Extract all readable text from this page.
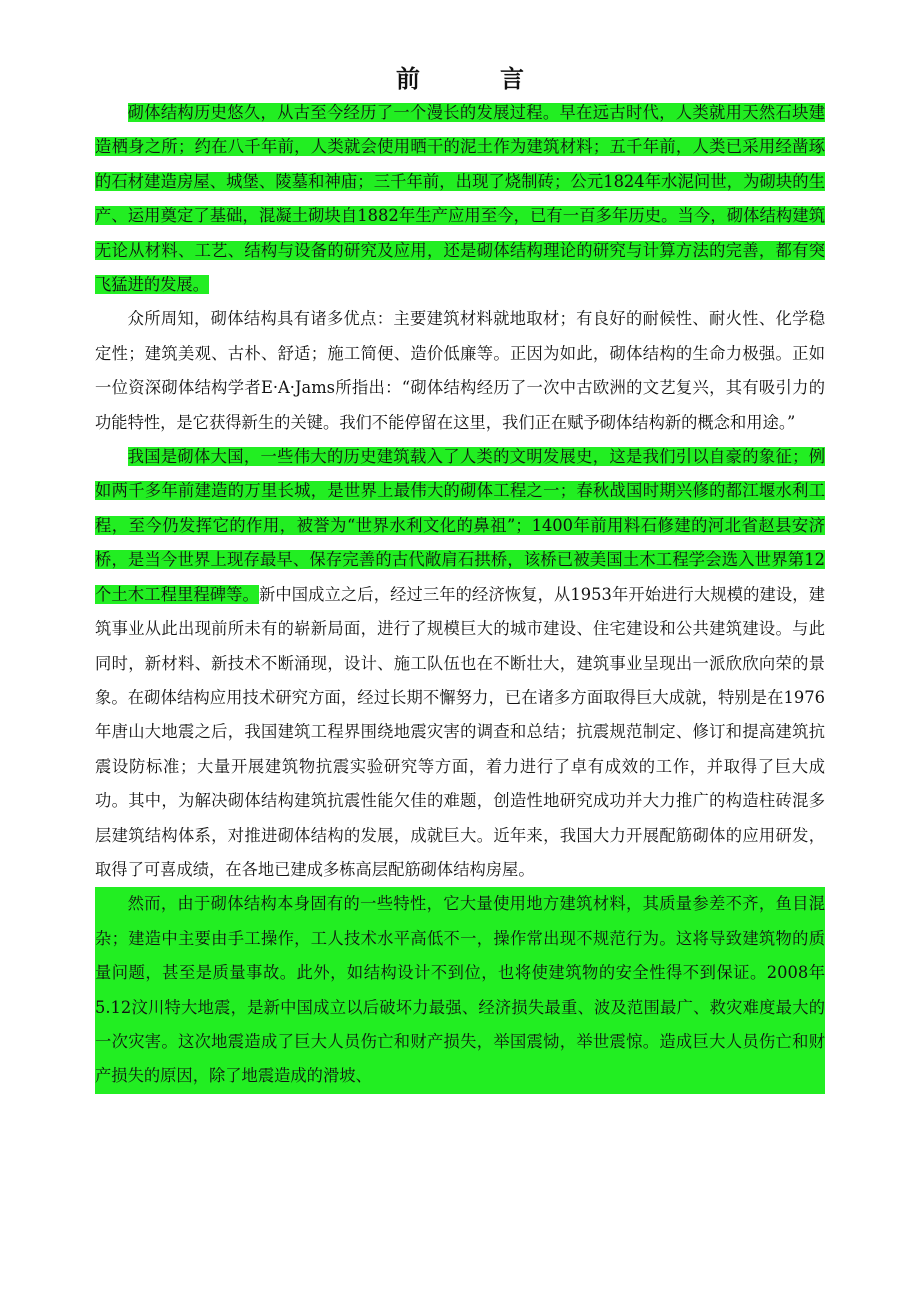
前　言

砌体结构历史悠久，从古至今经历了一个漫长的发展过程。早在远古时代，人类就用天然石块建造栖身之所；约在八千年前，人类就会使用晒干的泥土作为建筑材料；五千年前，人类已采用经凿琢的石材建造房屋、城堡、陵墓和神庙；三千年前，出现了烧制砖；公元1824年水泥问世，为砌块的生产、运用奠定了基础，混凝土砌块自1882年生产应用至今，已有一百多年历史。当今，砌体结构建筑无论从材料、工艺、结构与设备的研究及应用，还是砌体结构理论的研究与计算方法的完善，都有突飞猛进的发展。

众所周知，砌体结构具有诸多优点：主要建筑材料就地取材；有良好的耐候性、耐火性、化学稳定性；建筑美观、古朴、舒适；施工简便、造价低廉等。正因为如此，砌体结构的生命力极强。正如一位资深砌体结构学者E·A·Jams所指出：“砌体结构经历了一次中古欧洲的文艺复兴，其有吸引力的功能特性，是它获得新生的关键。我们不能停留在这里，我们正在赋予砌体结构新的概念和用途。”

我国是砌体大国，一些伟大的历史建筑载入了人类的文明发展史，这是我们引以自豪的象征；例如两千多年前建造的万里长城，是世界上最伟大的砌体工程之一；春秋战国时期兴修的都江堰水利工程，至今仍发挥它的作用，被誉为“世界水利文化的鼻祖”；1400年前用料石修建的河北省赵县安济桥，是当今世界上现存最早、保存完善的古代敞肩石拱桥，该桥已被美国土木工程学会选入世界第12个土木工程里程碑等。新中国成立之后，经过三年的经济恢复，从1953年开始进行大规模的建设，建筑事业从此出现前所未有的崭新局面，进行了规模巨大的城市建设、住宅建设和公共建筑建设。与此同时，新材料、新技术不断涌现，设计、施工队伍也在不断壮大，建筑事业呈现出一派欣欣向荣的景象。在砌体结构应用技术研究方面，经过长期不懈努力，已在诸多方面取得巨大成就，特别是在1976年唐山大地震之后，我国建筑工程界围绕地震灾害的调查和总结；抗震规范制定、修订和提高建筑抗震设防标准；大量开展建筑物抗震实验研究等方面，着力进行了卓有成效的工作，并取得了巨大成功。其中，为解决砌体结构建筑抗震性能欠佳的难题，创造性地研究成功并大力推广的构造柱砖混多层建筑结构体系，对推进砌体结构的发展，成就巨大。近年来，我国大力开展配筋砌体的应用研发，取得了可喜成绩，在各地已建成多栋高层配筋砌体结构房屋。

然而，由于砌体结构本身固有的一些特性，它大量使用地方建筑材料，其质量参差不齐，鱼目混杂；建造中主要由手工操作，工人技术水平高低不一，操作常出现不规范行为。这将导致建筑物的质量问题，甚至是质量事故。此外，如结构设计不到位，也将使建筑物的安全性得不到保证。2008年5.12汶川特大地震，是新中国成立以后破坏力最强、经济损失最重、波及范围最广、救灾难度最大的一次灾害。这次地震造成了巨大人员伤亡和财产损失，举国震恸，举世震惊。造成巨大人员伤亡和财产损失的原因，除了地震造成的滑坡、
